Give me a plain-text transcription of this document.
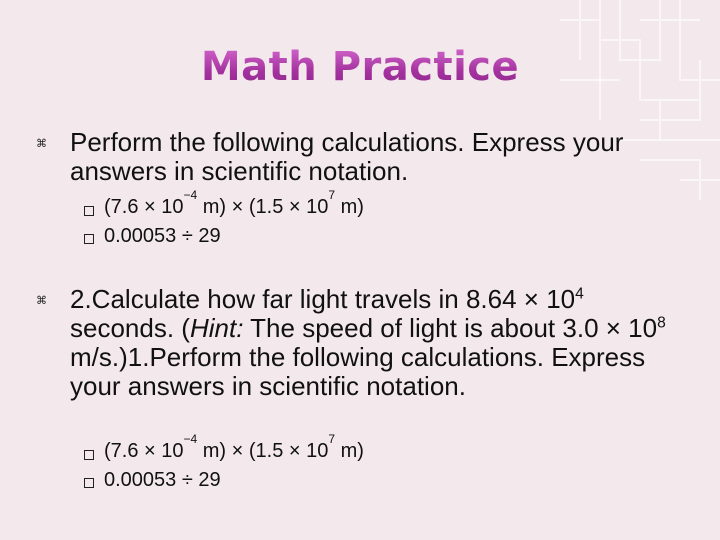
Math Practice
⌘ Perform the following calculations. Express your answers in scientific notation.
($7.6 \times 10^{-4}$ $m) \times (1.5 \times 10^7$ m)
0.00053 ÷ 29
⌘ 2.Calculate how far light travels in $8.64 \times 10^4$ seconds. (Hint: The speed of light is about $3.0 \times 10^8$ m/s.)1.Perform the following calculations. Express your answers in scientific notation.
($7.6 \times 10^{-4}$ $m) \times (1.5 \times 10^7$ m)
0.00053 ÷ 29
